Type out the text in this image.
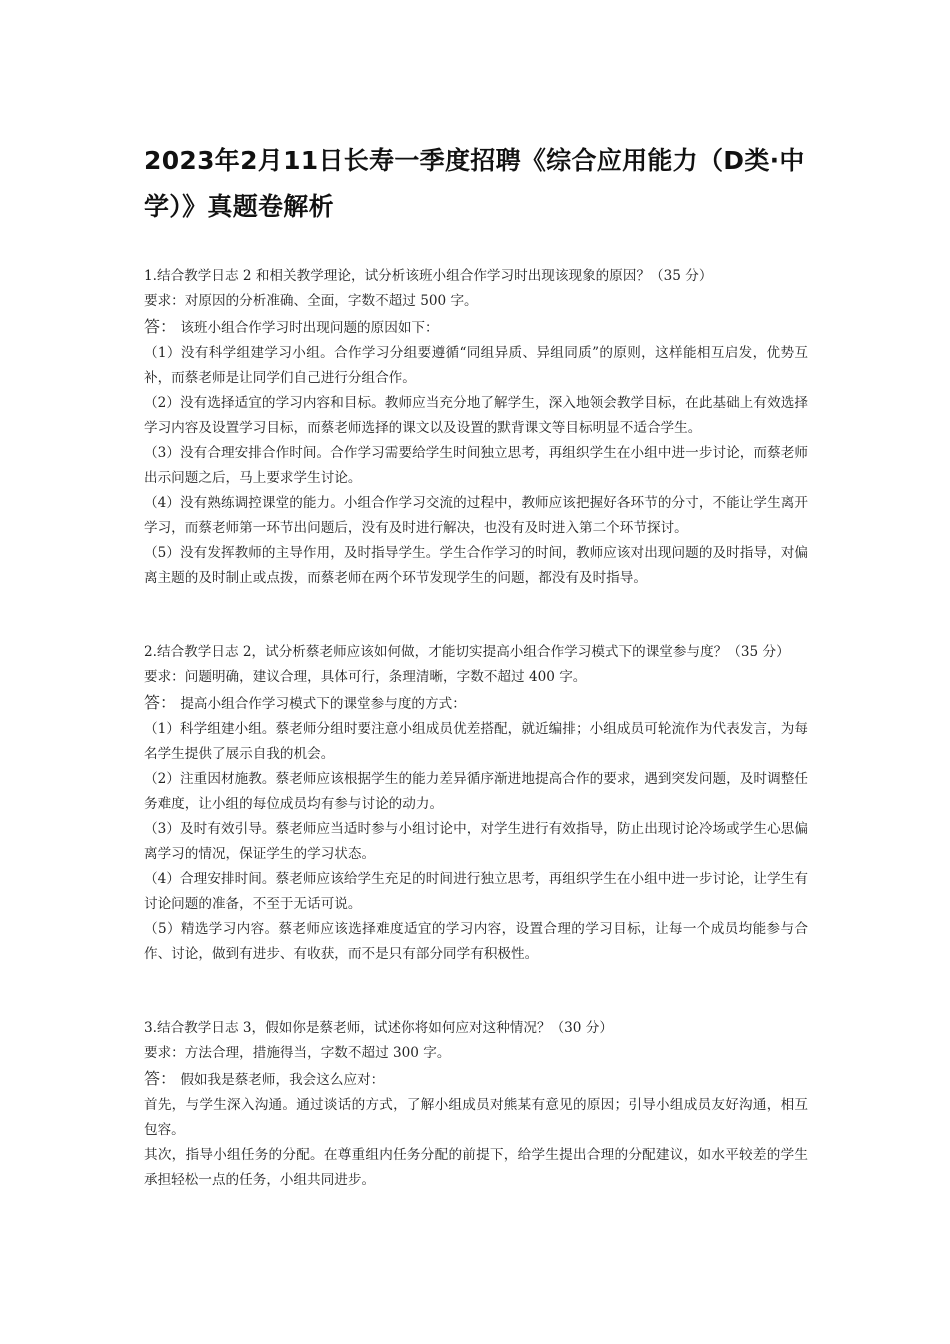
2023年2月11日长寿一季度招聘《综合应用能力（D类·中学）》真题卷解析
1.结合教学日志 2 和相关教学理论，试分析该班小组合作学习时出现该现象的原因？（35 分）
要求：对原因的分析准确、全面，字数不超过 500 字。
答： 该班小组合作学习时出现问题的原因如下：
（1）没有科学组建学习小组。合作学习分组要遵循“同组异质、异组同质”的原则，这样能相互启发，优势互补，而蔡老师是让同学们自己进行分组合作。
（2）没有选择适宜的学习内容和目标。教师应当充分地了解学生，深入地领会教学目标，在此基础上有效选择学习内容及设置学习目标，而蔡老师选择的课文以及设置的默背课文等目标明显不适合学生。
（3）没有合理安排合作时间。合作学习需要给学生时间独立思考，再组织学生在小组中进一步讨论，而蔡老师出示问题之后，马上要求学生讨论。
（4）没有熟练调控课堂的能力。小组合作学习交流的过程中，教师应该把握好各环节的分寸，不能让学生离开学习，而蔡老师第一环节出问题后，没有及时进行解决，也没有及时进入第二个环节探讨。
（5）没有发挥教师的主导作用，及时指导学生。学生合作学习的时间，教师应该对出现问题的及时指导，对偏离主题的及时制止或点拨，而蔡老师在两个环节发现学生的问题，都没有及时指导。
2.结合教学日志 2，试分析蔡老师应该如何做，才能切实提高小组合作学习模式下的课堂参与度？（35 分）
要求：问题明确，建议合理，具体可行，条理清晰，字数不超过 400 字。
答： 提高小组合作学习模式下的课堂参与度的方式：
（1）科学组建小组。蔡老师分组时要注意小组成员优差搭配，就近编排；小组成员可轮流作为代表发言，为每名学生提供了展示自我的机会。
（2）注重因材施教。蔡老师应该根据学生的能力差异循序渐进地提高合作的要求，遇到突发问题，及时调整任务难度，让小组的每位成员均有参与讨论的动力。
（3）及时有效引导。蔡老师应当适时参与小组讨论中，对学生进行有效指导，防止出现讨论冷场或学生心思偏离学习的情况，保证学生的学习状态。
（4）合理安排时间。蔡老师应该给学生充足的时间进行独立思考，再组织学生在小组中进一步讨论，让学生有讨论问题的准备，不至于无话可说。
（5）精选学习内容。蔡老师应该选择难度适宜的学习内容，设置合理的学习目标，让每一个成员均能参与合作、讨论，做到有进步、有收获，而不是只有部分同学有积极性。
3.结合教学日志 3，假如你是蔡老师，试述你将如何应对这种情况？（30 分）
要求：方法合理，措施得当，字数不超过 300 字。
答： 假如我是蔡老师，我会这么应对：
首先，与学生深入沟通。通过谈话的方式，了解小组成员对熊某有意见的原因；引导小组成员友好沟通，相互包容。
其次，指导小组任务的分配。在尊重组内任务分配的前提下，给学生提出合理的分配建议，如水平较差的学生承担轻松一点的任务，小组共同进步。
